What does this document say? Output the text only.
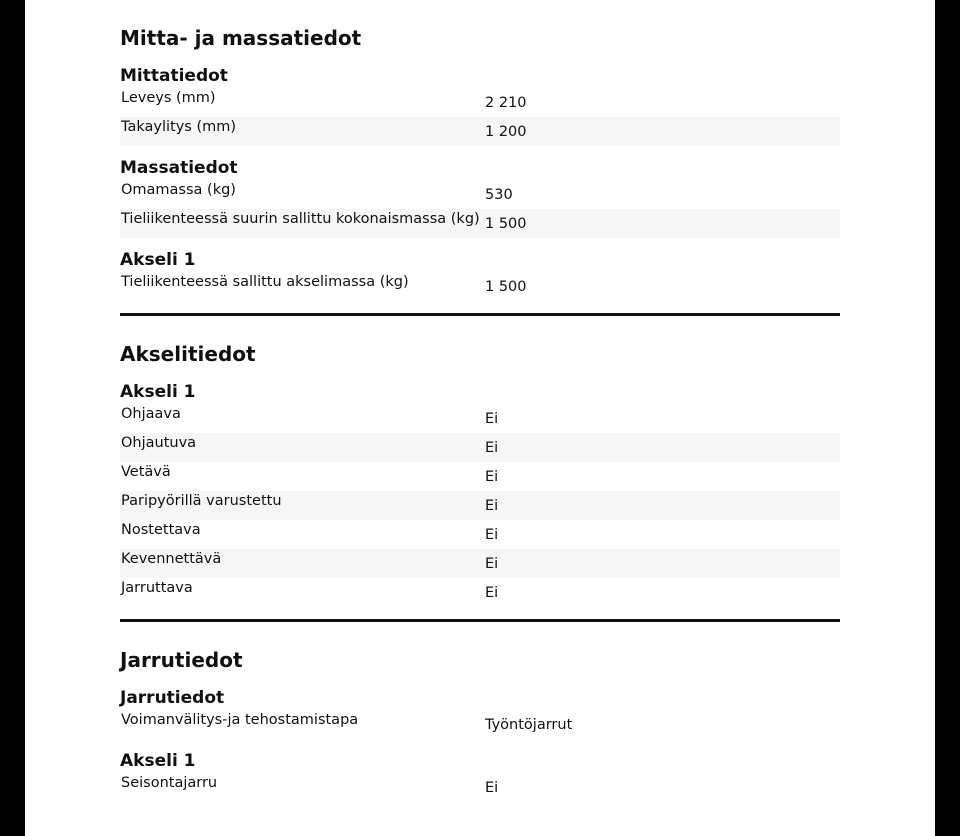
Mitta- ja massatiedot
Mittatiedot
Leveys (mm)	2 210
Takaylitys (mm)	1 200
Massatiedot
Omamassa (kg)	530
Tieliikenteessä suurin sallittu kokonaismassa (kg) 1 500
Akseli 1
Tieliikenteessä sallittu akselimassa (kg)	1 500
Akselitiedot
Akseli 1
Ohjaava	Ei
Ohjautuva	Ei
Vetävä	Ei
Paripyörillä varustettu	Ei
Nostettava	Ei
Kevennettävä	Ei
Jarruttava	Ei
Jarrutiedot
Jarrutiedot
Voimanvälitys-ja tehostamistapa	Työntöjarrut
Akseli 1
Seisontajarru	Ei
